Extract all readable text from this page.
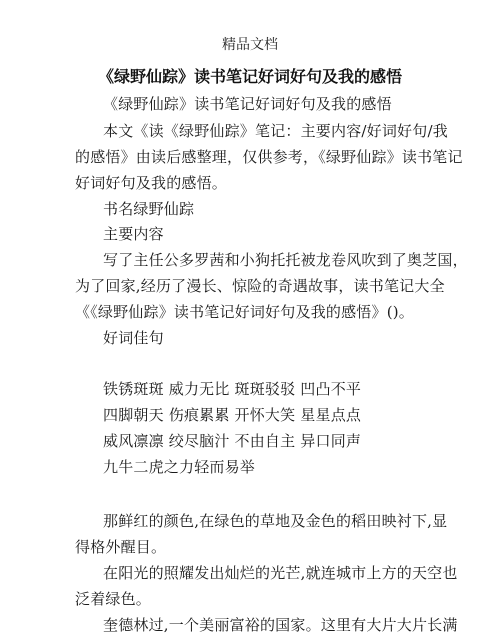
精品文档
《绿野仙踪》读书笔记好词好句及我的感悟
《绿野仙踪》读书笔记好词好句及我的感悟
本文《读《绿野仙踪》笔记：主要内容/好词好句/我
的感悟》由读后感整理，仅供参考，《绿野仙踪》读书笔记
好词好句及我的感悟。
书名绿野仙踪
主要内容
写了主任公多罗茜和小狗托托被龙卷风吹到了奥芝国，
为了回家,经历了漫长、惊险的奇遇故事，读书笔记大全
《《绿野仙踪》读书笔记好词好句及我的感悟》()。
好词佳句
铁锈斑斑 威力无比 斑斑驳驳 凹凸不平
四脚朝天 伤痕累累 开怀大笑 星星点点
威风凛凛 绞尽脑汁 不由自主 异口同声
九牛二虎之力轻而易举
那鲜红的颜色,在绿色的草地及金色的稻田映衬下,显
得格外醒目。
在阳光的照耀发出灿烂的光芒,就连城市上方的天空也
泛着绿色。
奎德林过,一个美丽富裕的国家。这里有大片大片长满
